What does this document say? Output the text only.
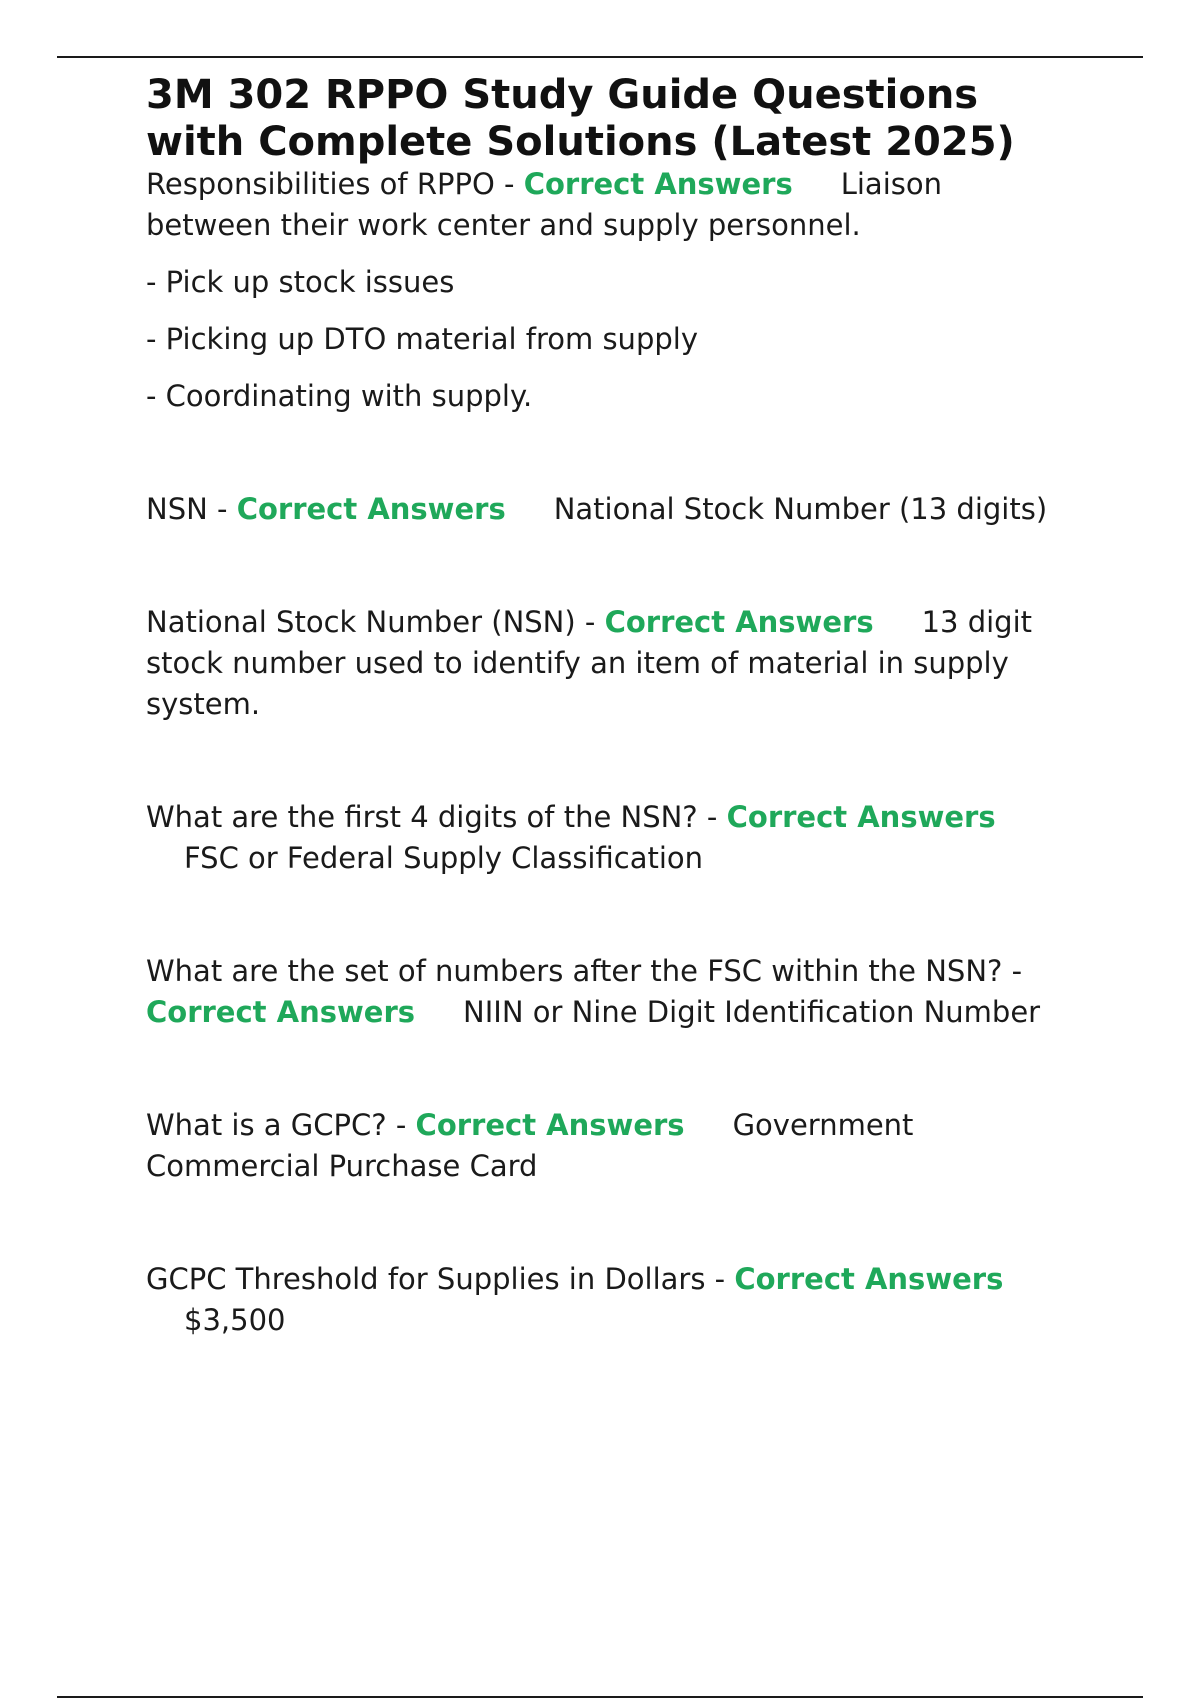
3M 302 RPPO Study Guide Questions
with Complete Solutions (Latest 2025)

Responsibilities of RPPO - Correct Answers Liaison
between their work center and supply personnel.

- Pick up stock issues

- Picking up DTO material from supply

- Coordinating with supply.

NSN - Correct Answers National Stock Number (13 digits)

National Stock Number (NSN) - Correct Answers 13 digit
stock number used to identify an item of material in supply
system.

What are the first 4 digits of the NSN? - Correct Answers
FSC or Federal Supply Classification

What are the set of numbers after the FSC within the NSN? -
Correct Answers NIIN or Nine Digit Identification Number

What is a GCPC? - Correct Answers Government
Commercial Purchase Card

GCPC Threshold for Supplies in Dollars - Correct Answers
$3,500
